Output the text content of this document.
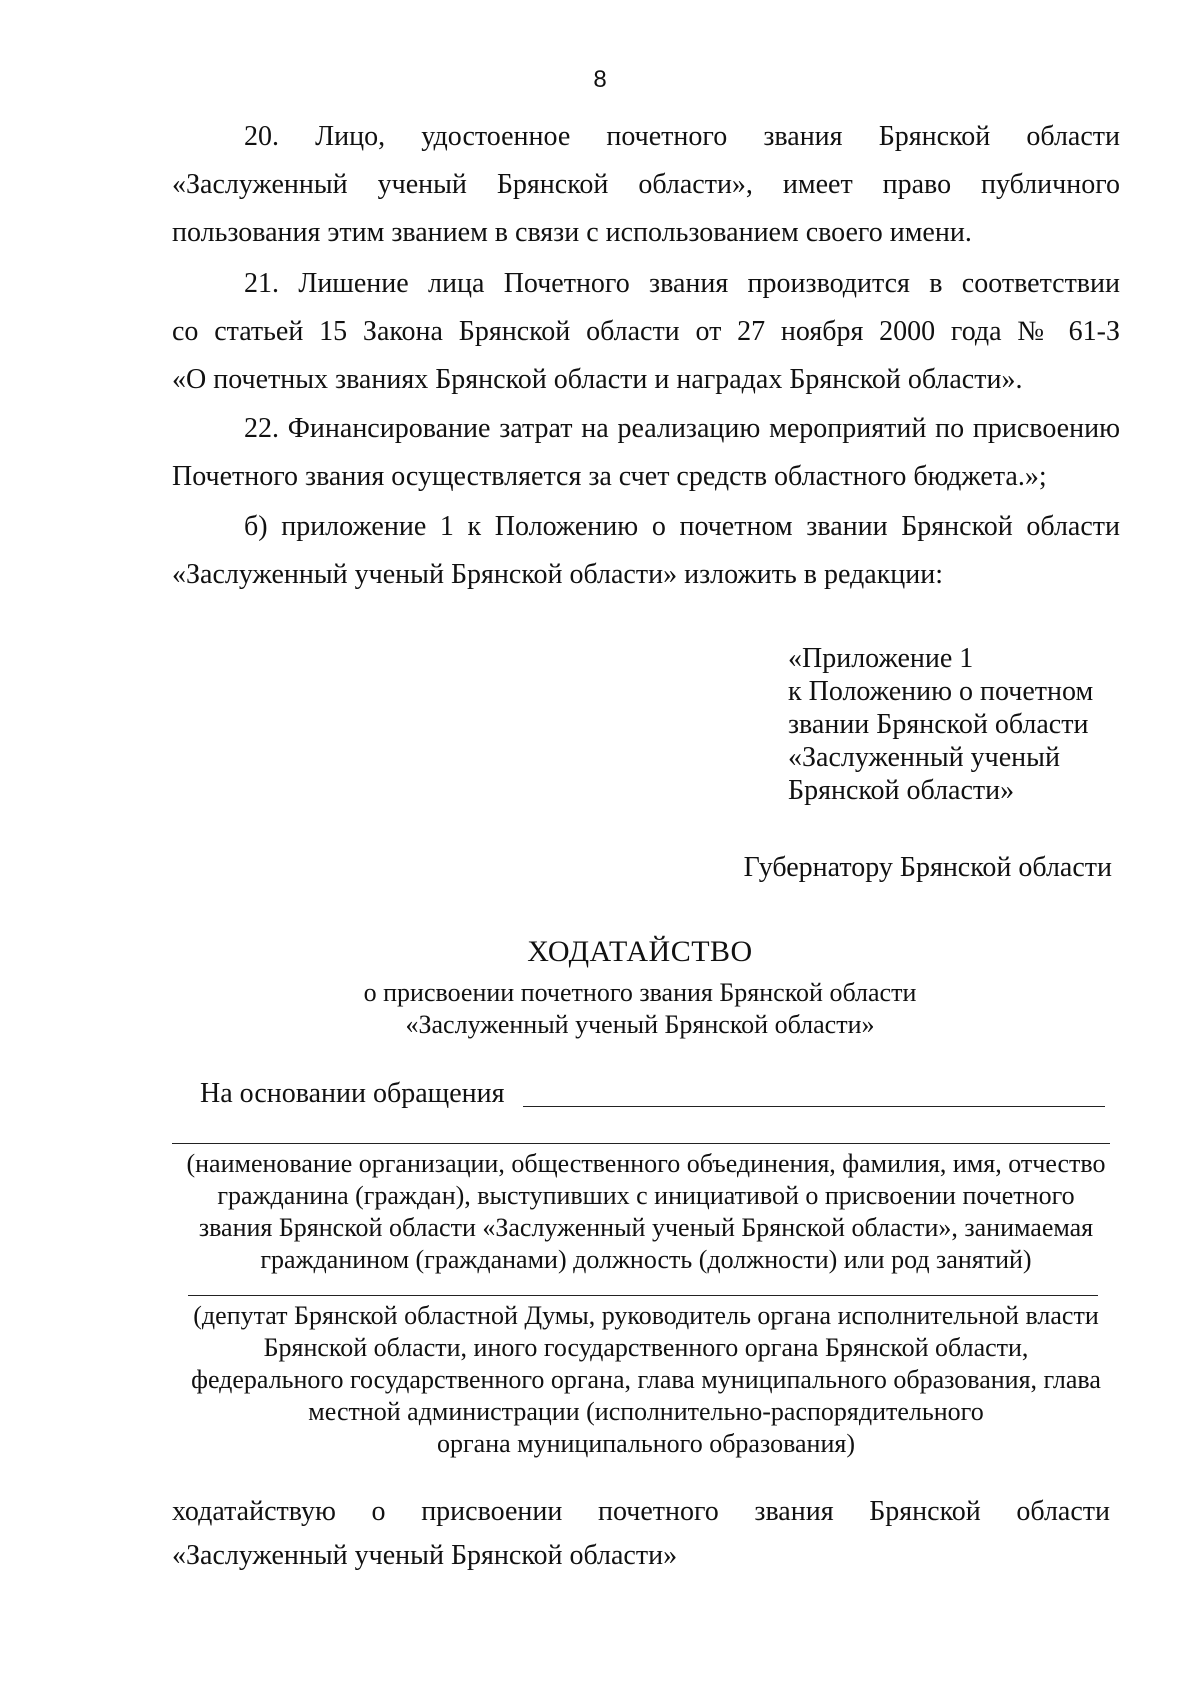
8
20. Лицо, удостоенное почетного звания Брянской области
«Заслуженный ученый Брянской области», имеет право публичного
пользования этим званием в связи с использованием своего имени.
21. Лишение лица Почетного звания производится в соответствии
со статьей 15 Закона Брянской области от 27 ноября 2000 года № 61-З
«О почетных званиях Брянской области и наградах Брянской области».
22. Финансирование затрат на реализацию мероприятий по присвоению
Почетного звания осуществляется за счет средств областного бюджета.»;
б) приложение 1 к Положению о почетном звании Брянской области
«Заслуженный ученый Брянской области» изложить в редакции:
«Приложение 1
к Положению о почетном
звании Брянской области
«Заслуженный ученый
Брянской области»
Губернатору Брянской области
ХОДАТАЙСТВО
о присвоении почетного звания Брянской области
«Заслуженный ученый Брянской области»
На основании обращения
(наименование организации, общественного объединения, фамилия, имя, отчество
гражданина (граждан), выступивших с инициативой о присвоении почетного
звания Брянской области «Заслуженный ученый Брянской области», занимаемая
гражданином (гражданами) должность (должности) или род занятий)
(депутат Брянской областной Думы, руководитель органа исполнительной власти
Брянской области, иного государственного органа Брянской области,
федерального государственного органа, глава муниципального образования, глава
местной администрации (исполнительно-распорядительного
органа муниципального образования)
ходатайствую о присвоении почетного звания Брянской области
«Заслуженный ученый Брянской области»
